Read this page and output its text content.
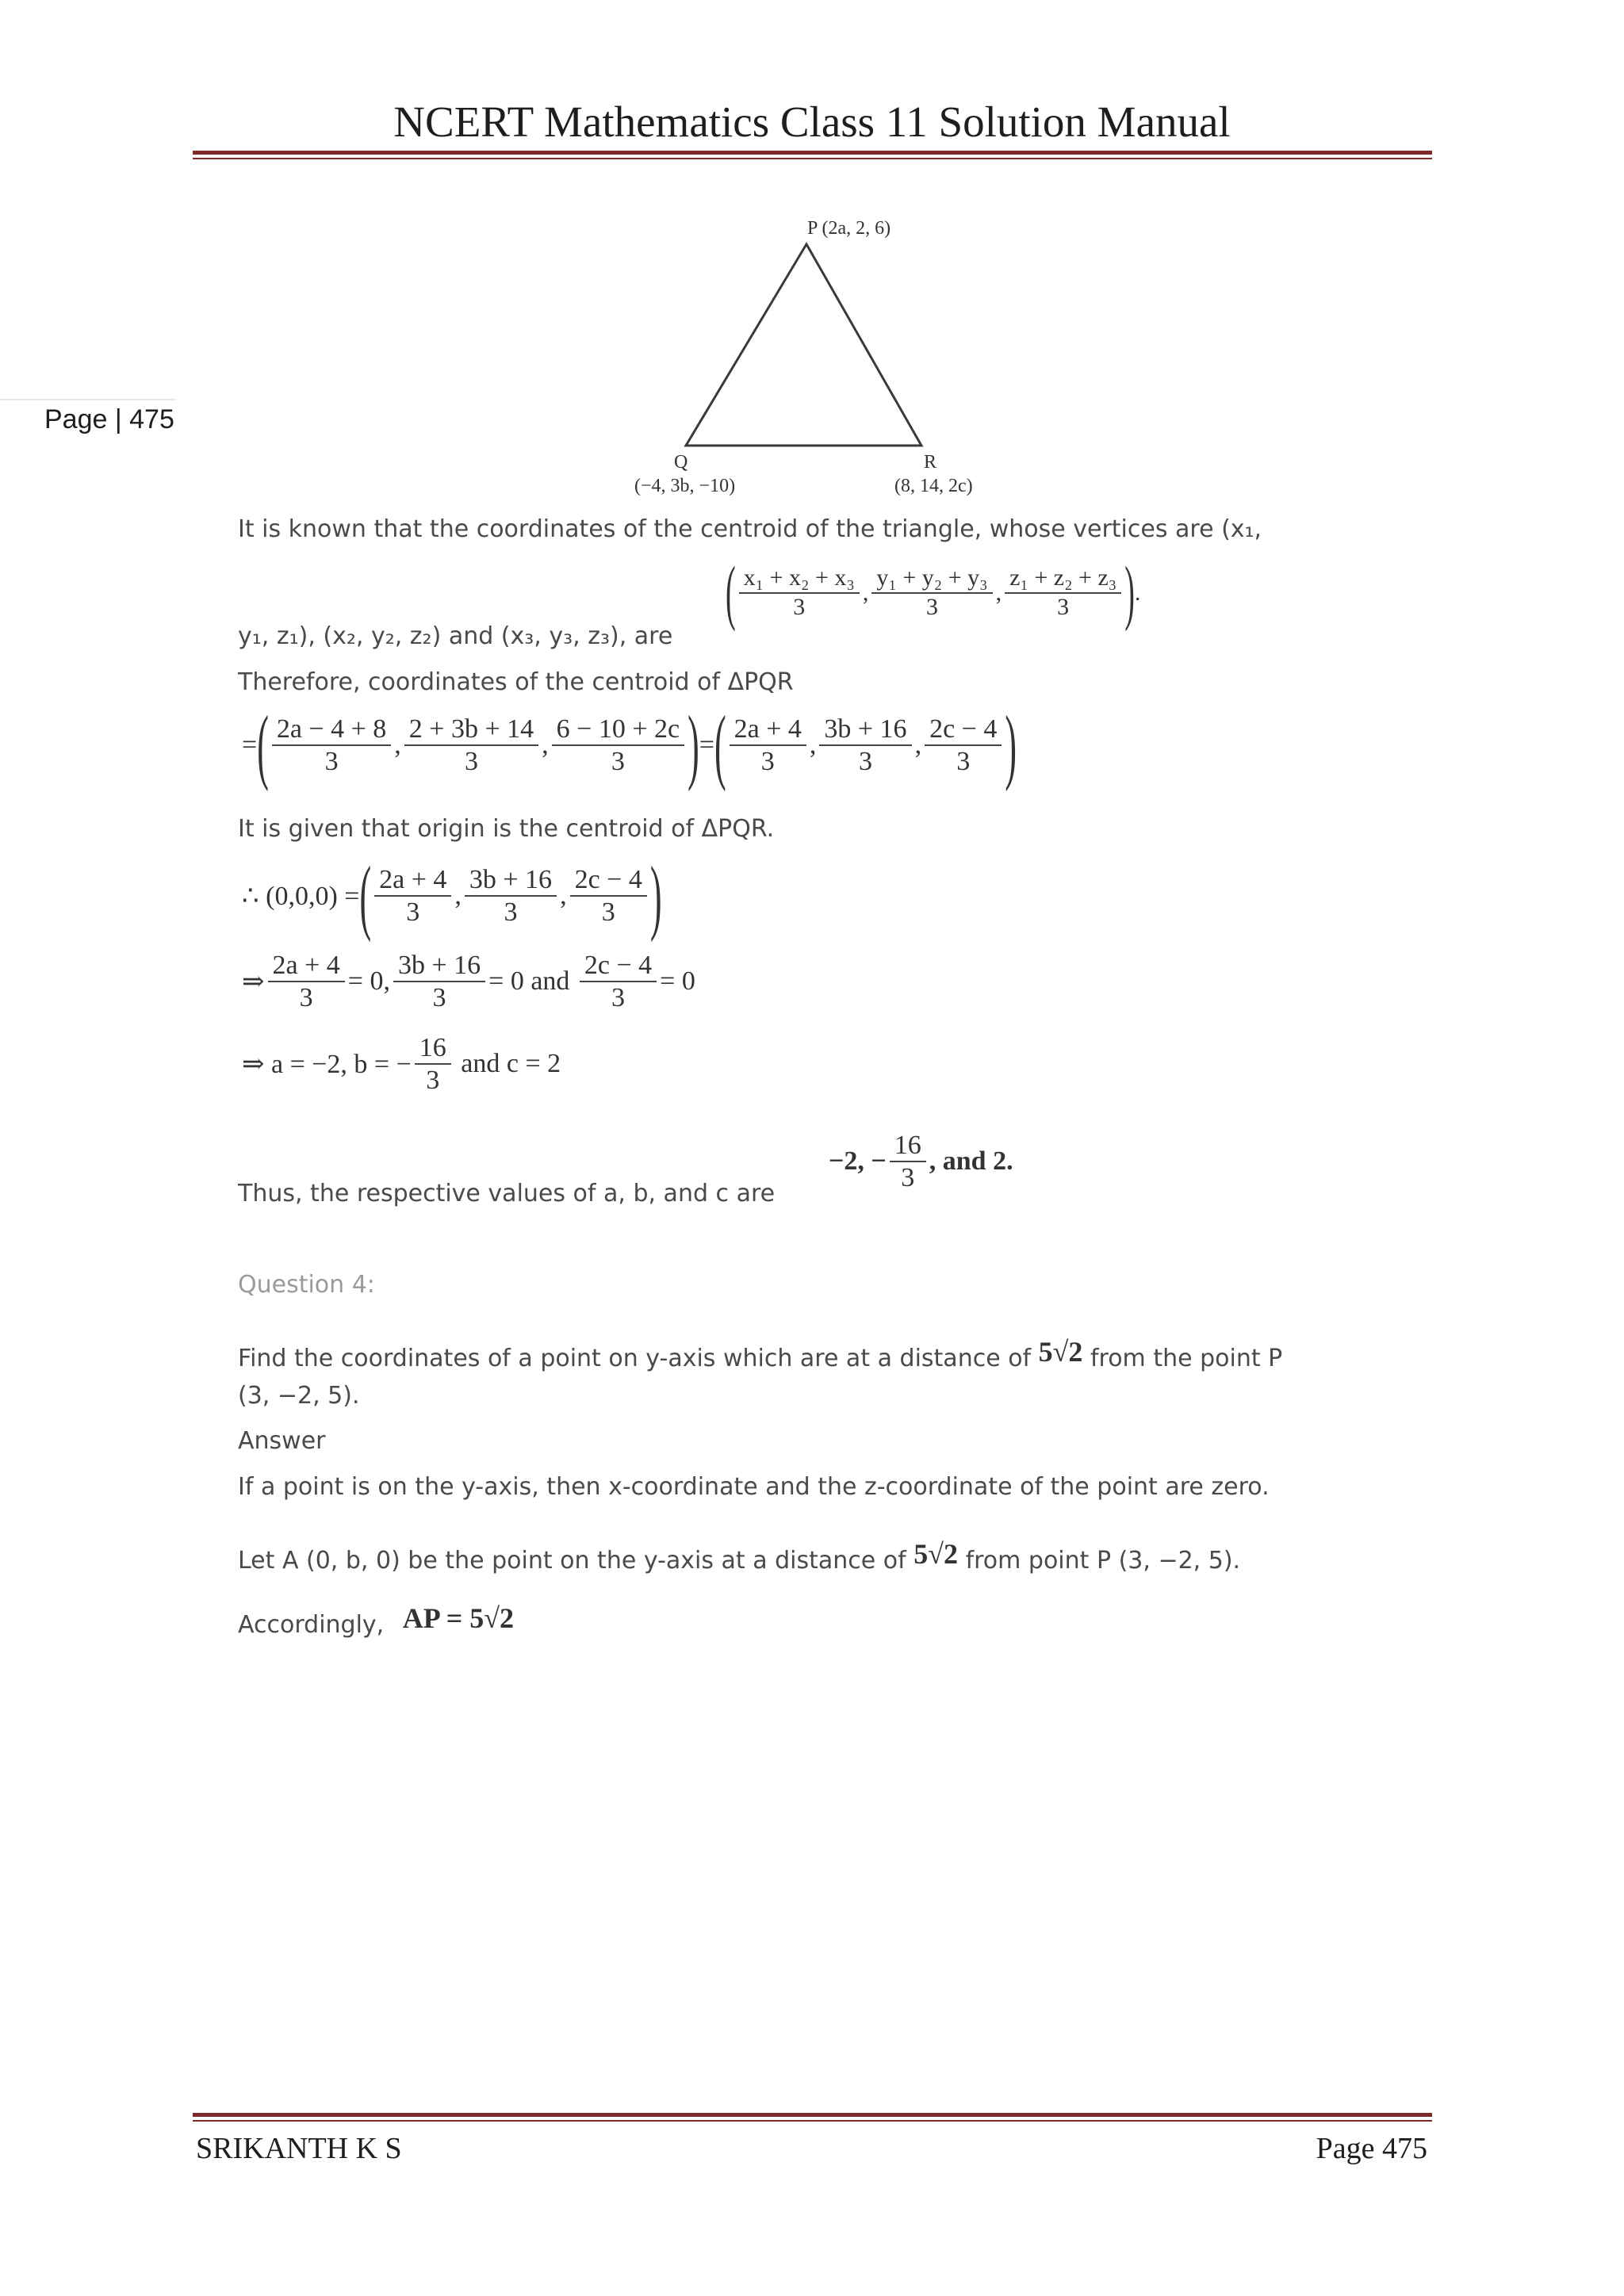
NCERT Mathematics Class 11 Solution Manual
Page | 475
P (2a, 2, 6)
Q
(−4, 3b, −10)
R
(8, 14, 2c)
It is known that the coordinates of the centroid of the triangle, whose vertices are (x₁,
y₁, z₁), (x₂, y₂, z₂) and (x₃, y₃, z₃), are
( $\frac{\text{x₁ + x₂ + x₃}}{3}$ , $\frac{\text{y₁ + y₂ + y₃}}{3}$ , $\frac{\text{z₁ + z₂ + z₃}}{3}$ ) .
Therefore, coordinates of the centroid of ΔPQR
= ( $\frac{2a - 4 + 8}{3}$ , $\frac{2 + 3b + 14}{3}$ , $\frac{6 - 10 + 2c}{3}$ ) = ( $\frac{2a + 4}{3}$ , $\frac{3b + 16}{3}$ , $\frac{2c - 4}{3}$ )
It is given that origin is the centroid of ΔPQR.
∴ (0,0,0) = ( $\frac{2a + 4}{3}$ , $\frac{3b + 16}{3}$ , $\frac{2c - 4}{3}$ )
⇒ $\frac{2a + 4}{3} = 0$, $\frac{3b + 16}{3} = 0$ and
$\frac{2c - 4}{3} = 0$
⇒ a = −2, b = − $\frac{16}{3}$
and c = 2
Thus, the respective values of a, b, and c are
−2, − $\frac{16}{3}$ , and 2.
Question 4:
Find the coordinates of a point on y-axis which are at a distance of 5√2 from the point P
(3, −2, 5).
Answer
If a point is on the y-axis, then x-coordinate and the z-coordinate of the point are zero.
Let A (0, b, 0) be the point on the y-axis at a distance of 5√2 from point P (3, −2, 5).
Accordingly, AP = 5√2
SRIKANTH K S	Page 475
